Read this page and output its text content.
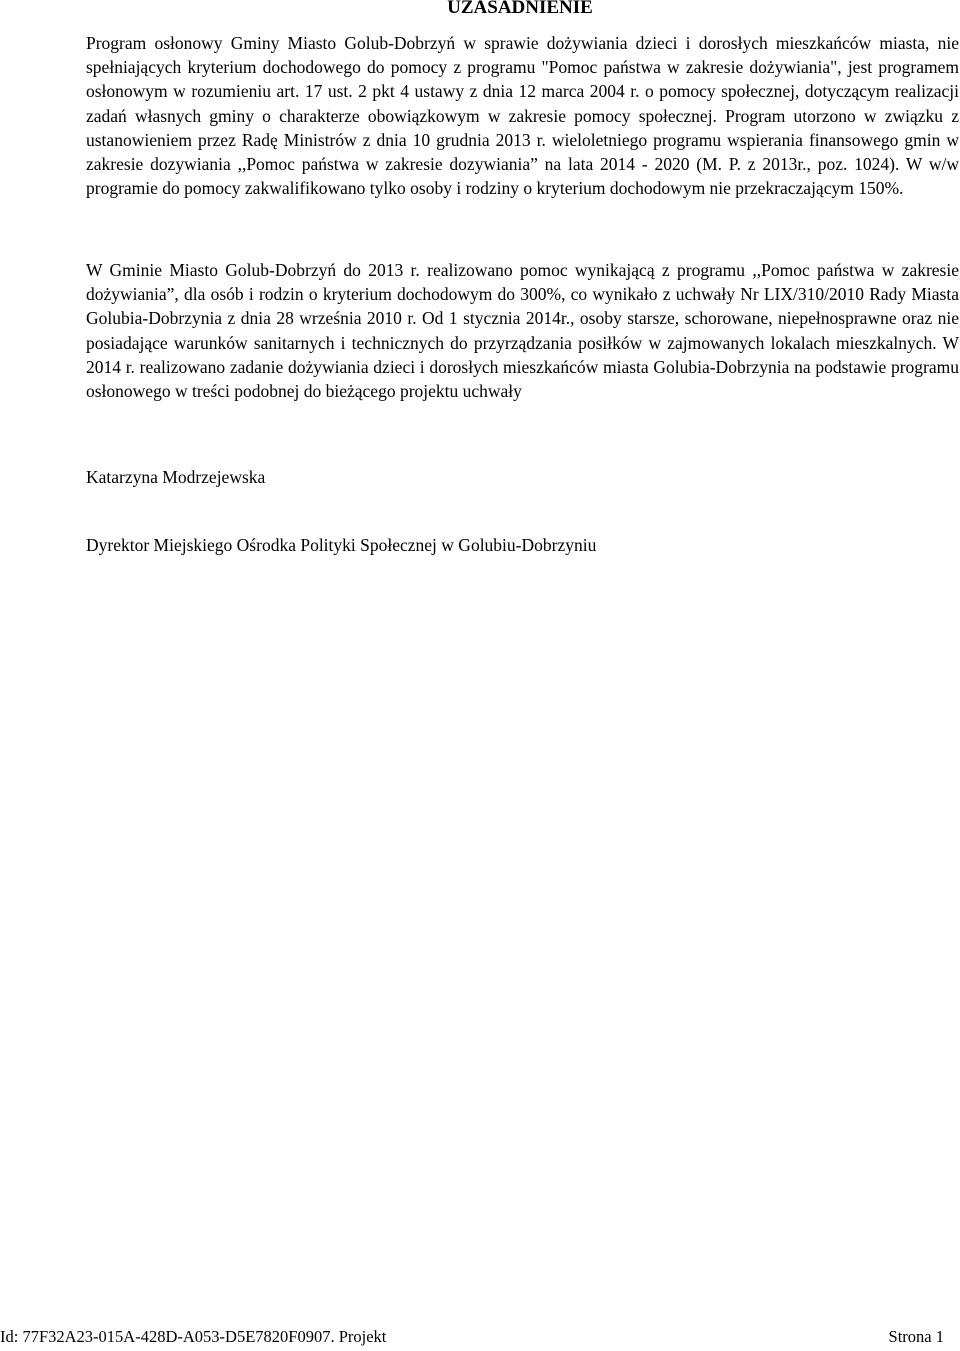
UZASADNIENIE

Program osłonowy Gminy Miasto Golub-Dobrzyń w sprawie dożywiania dzieci i dorosłych mieszkańców miasta, nie spełniających kryterium dochodowego do pomocy z programu "Pomoc państwa w zakresie dożywiania", jest programem osłonowym w rozumieniu art. 17 ust. 2 pkt 4 ustawy z dnia 12 marca 2004 r. o pomocy społecznej, dotyczącym realizacji zadań własnych gminy o charakterze obowiązkowym w zakresie pomocy społecznej. Program utorzono w związku z ustanowieniem przez Radę Ministrów z dnia 10 grudnia 2013 r. wieloletniego programu wspierania finansowego gmin w zakresie dozywiania ,,Pomoc państwa w zakresie dozywiania” na lata 2014 - 2020 (M. P. z 2013r., poz. 1024). W w/w programie do pomocy zakwalifikowano tylko osoby i rodziny o kryterium dochodowym nie przekraczającym 150%.

W Gminie Miasto Golub-Dobrzyń do 2013 r. realizowano pomoc wynikającą z programu ,,Pomoc państwa w zakresie dożywiania”, dla osób i rodzin o kryterium dochodowym do 300%, co wynikało z uchwały Nr LIX/310/2010 Rady Miasta Golubia-Dobrzynia z dnia 28 września 2010 r. Od 1 stycznia 2014r., osoby starsze, schorowane, niepełnosprawne oraz nie posiadające warunków sanitarnych i technicznych do przyrządzania posiłków w zajmowanych lokalach mieszkalnych. W 2014 r. realizowano zadanie dożywiania dzieci i dorosłych mieszkańców miasta Golubia-Dobrzynia na podstawie programu osłonowego w treści podobnej do bieżącego projektu uchwały

Katarzyna Modrzejewska
Dyrektor Miejskiego Ośrodka Polityki Społecznej w Golubiu-Dobrzyniu
Id: 77F32A23-015A-428D-A053-D5E7820F0907. Projekt	Strona 1
